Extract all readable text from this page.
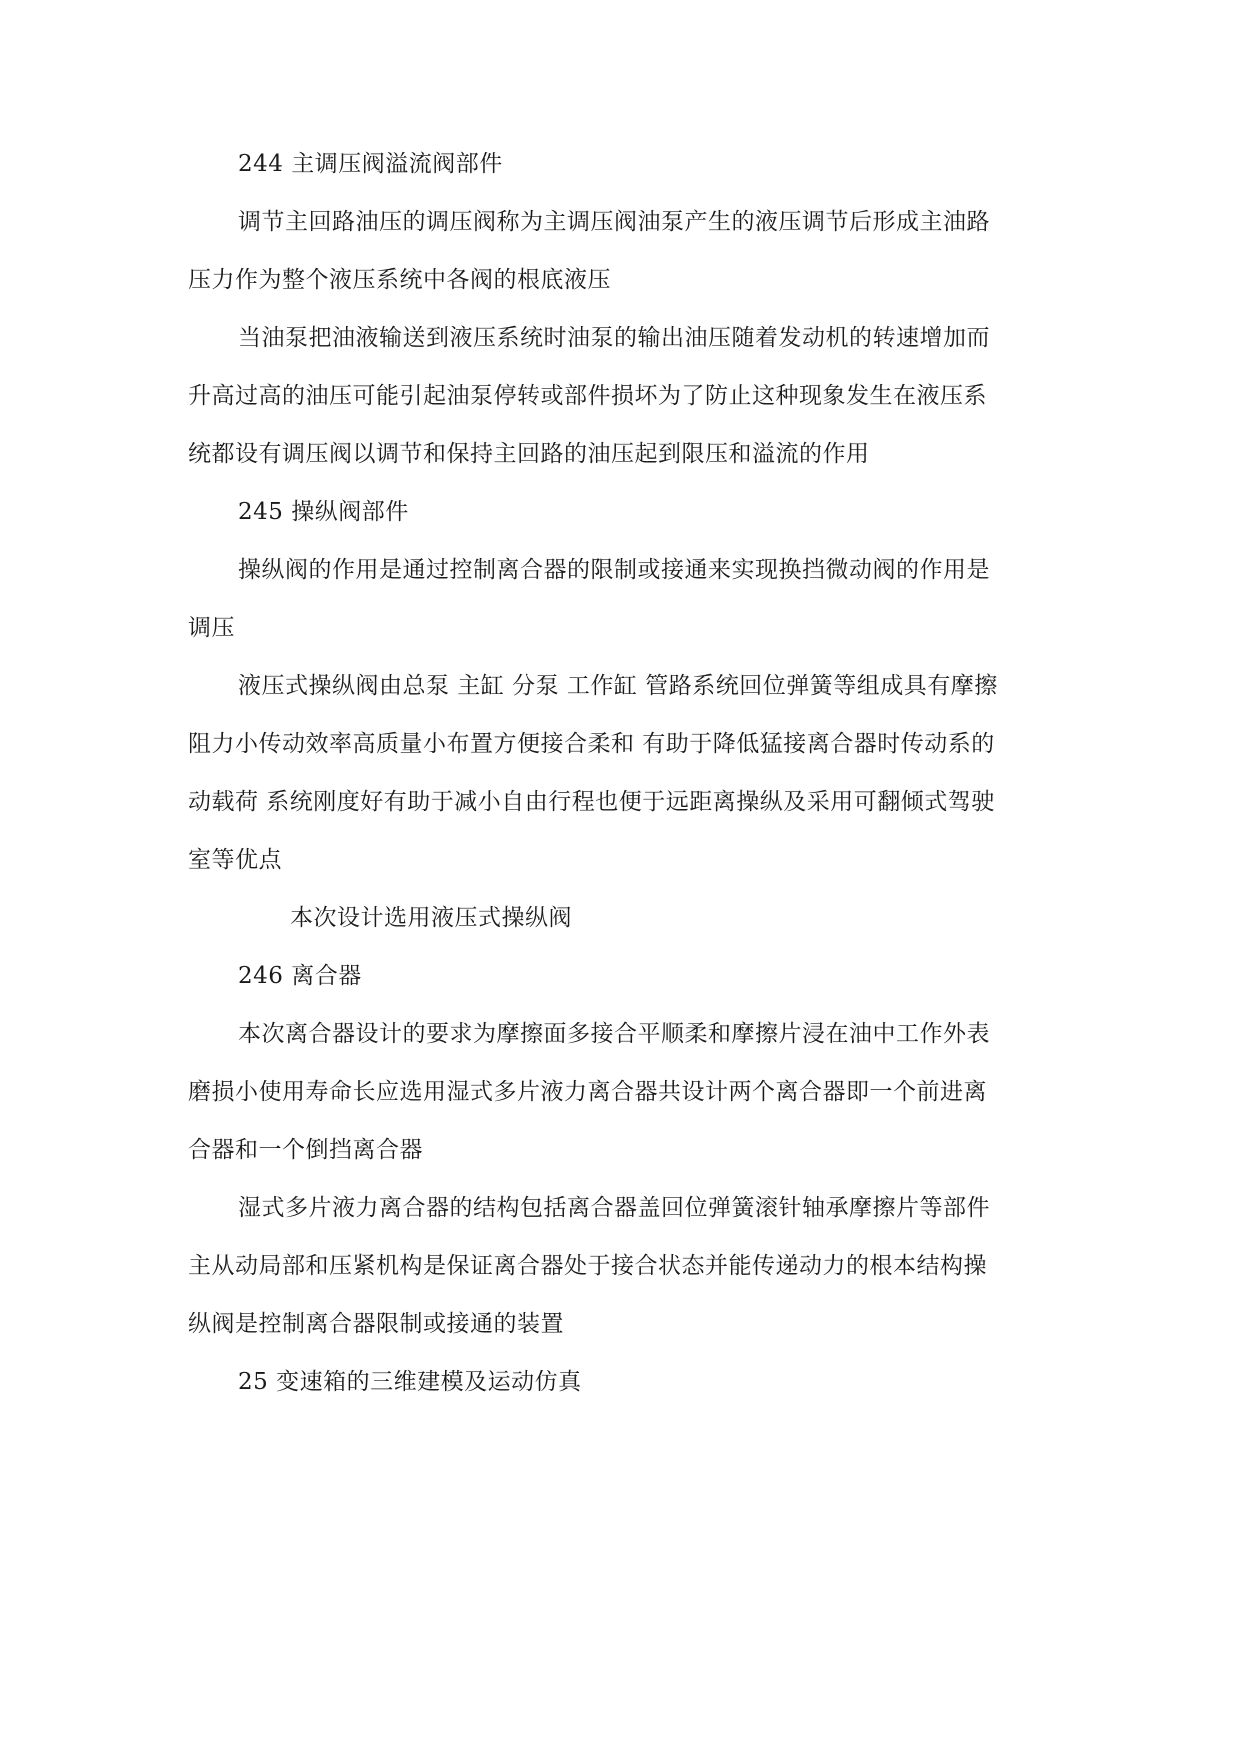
244 主调压阀溢流阀部件
调节主回路油压的调压阀称为主调压阀油泵产生的液压调节后形成主油路
压力作为整个液压系统中各阀的根底液压
当油泵把油液输送到液压系统时油泵的输出油压随着发动机的转速增加而
升高过高的油压可能引起油泵停转或部件损坏为了防止这种现象发生在液压系
统都设有调压阀以调节和保持主回路的油压起到限压和溢流的作用
245 操纵阀部件
操纵阀的作用是通过控制离合器的限制或接通来实现换挡微动阀的作用是
调压
液压式操纵阀由总泵 主缸 分泵 工作缸 管路系统回位弹簧等组成具有摩擦
阻力小传动效率高质量小布置方便接合柔和 有助于降低猛接离合器时传动系的
动载荷 系统刚度好有助于减小自由行程也便于远距离操纵及采用可翻倾式驾驶
室等优点
本次设计选用液压式操纵阀
246 离合器
本次离合器设计的要求为摩擦面多接合平顺柔和摩擦片浸在油中工作外表
磨损小使用寿命长应选用湿式多片液力离合器共设计两个离合器即一个前进离
合器和一个倒挡离合器
湿式多片液力离合器的结构包括离合器盖回位弹簧滚针轴承摩擦片等部件
主从动局部和压紧机构是保证离合器处于接合状态并能传递动力的根本结构操
纵阀是控制离合器限制或接通的装置
25 变速箱的三维建模及运动仿真
